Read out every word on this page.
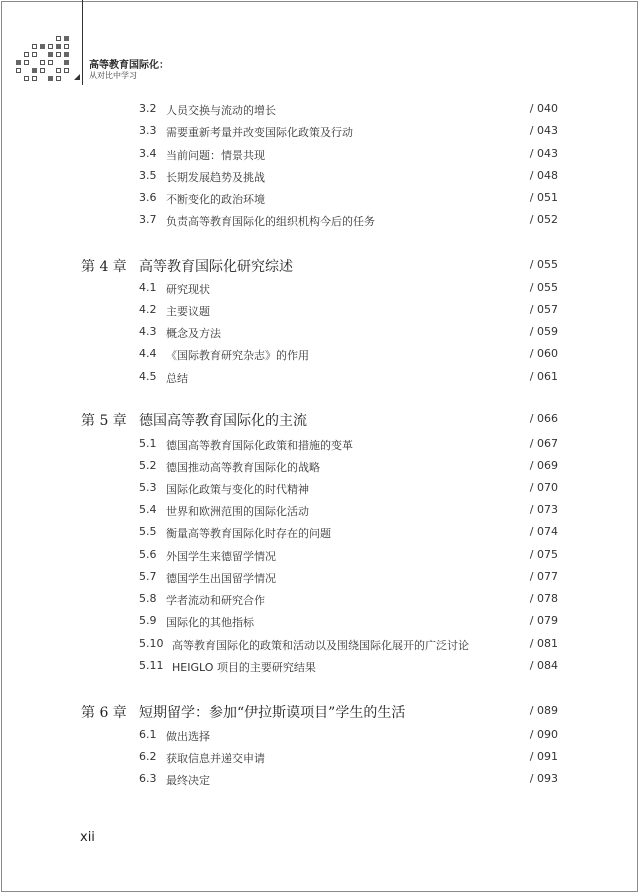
高等教育国际化：
从对比中学习
3.2 人员交换与流动的增长	/ 040
3.3 需要重新考量并改变国际化政策及行动	/ 043
3.4 当前问题：情景共现	/ 043
3.5 长期发展趋势及挑战	/ 048
3.6 不断变化的政治环境	/ 051
3.7 负责高等教育国际化的组织机构今后的任务	/ 052
第 4 章 高等教育国际化研究综述	/ 055
4.1 研究现状	/ 055
4.2 主要议题	/ 057
4.3 概念及方法	/ 059
4.4 《国际教育研究杂志》的作用	/ 060
4.5 总结	/ 061
第 5 章 德国高等教育国际化的主流	/ 066
5.1 德国高等教育国际化政策和措施的变革	/ 067
5.2 德国推动高等教育国际化的战略	/ 069
5.3 国际化政策与变化的时代精神	/ 070
5.4 世界和欧洲范围的国际化活动	/ 073
5.5 衡量高等教育国际化时存在的问题	/ 074
5.6 外国学生来德留学情况	/ 075
5.7 德国学生出国留学情况	/ 077
5.8 学者流动和研究合作	/ 078
5.9 国际化的其他指标	/ 079
5.10 高等教育国际化的政策和活动以及围绕国际化展开的广泛讨论	/ 081
5.11 HEIGLO 项目的主要研究结果	/ 084
第 6 章 短期留学：参加“伊拉斯谟项目”学生的生活	/ 089
6.1 做出选择	/ 090
6.2 获取信息并递交申请	/ 091
6.3 最终决定	/ 093
xii
